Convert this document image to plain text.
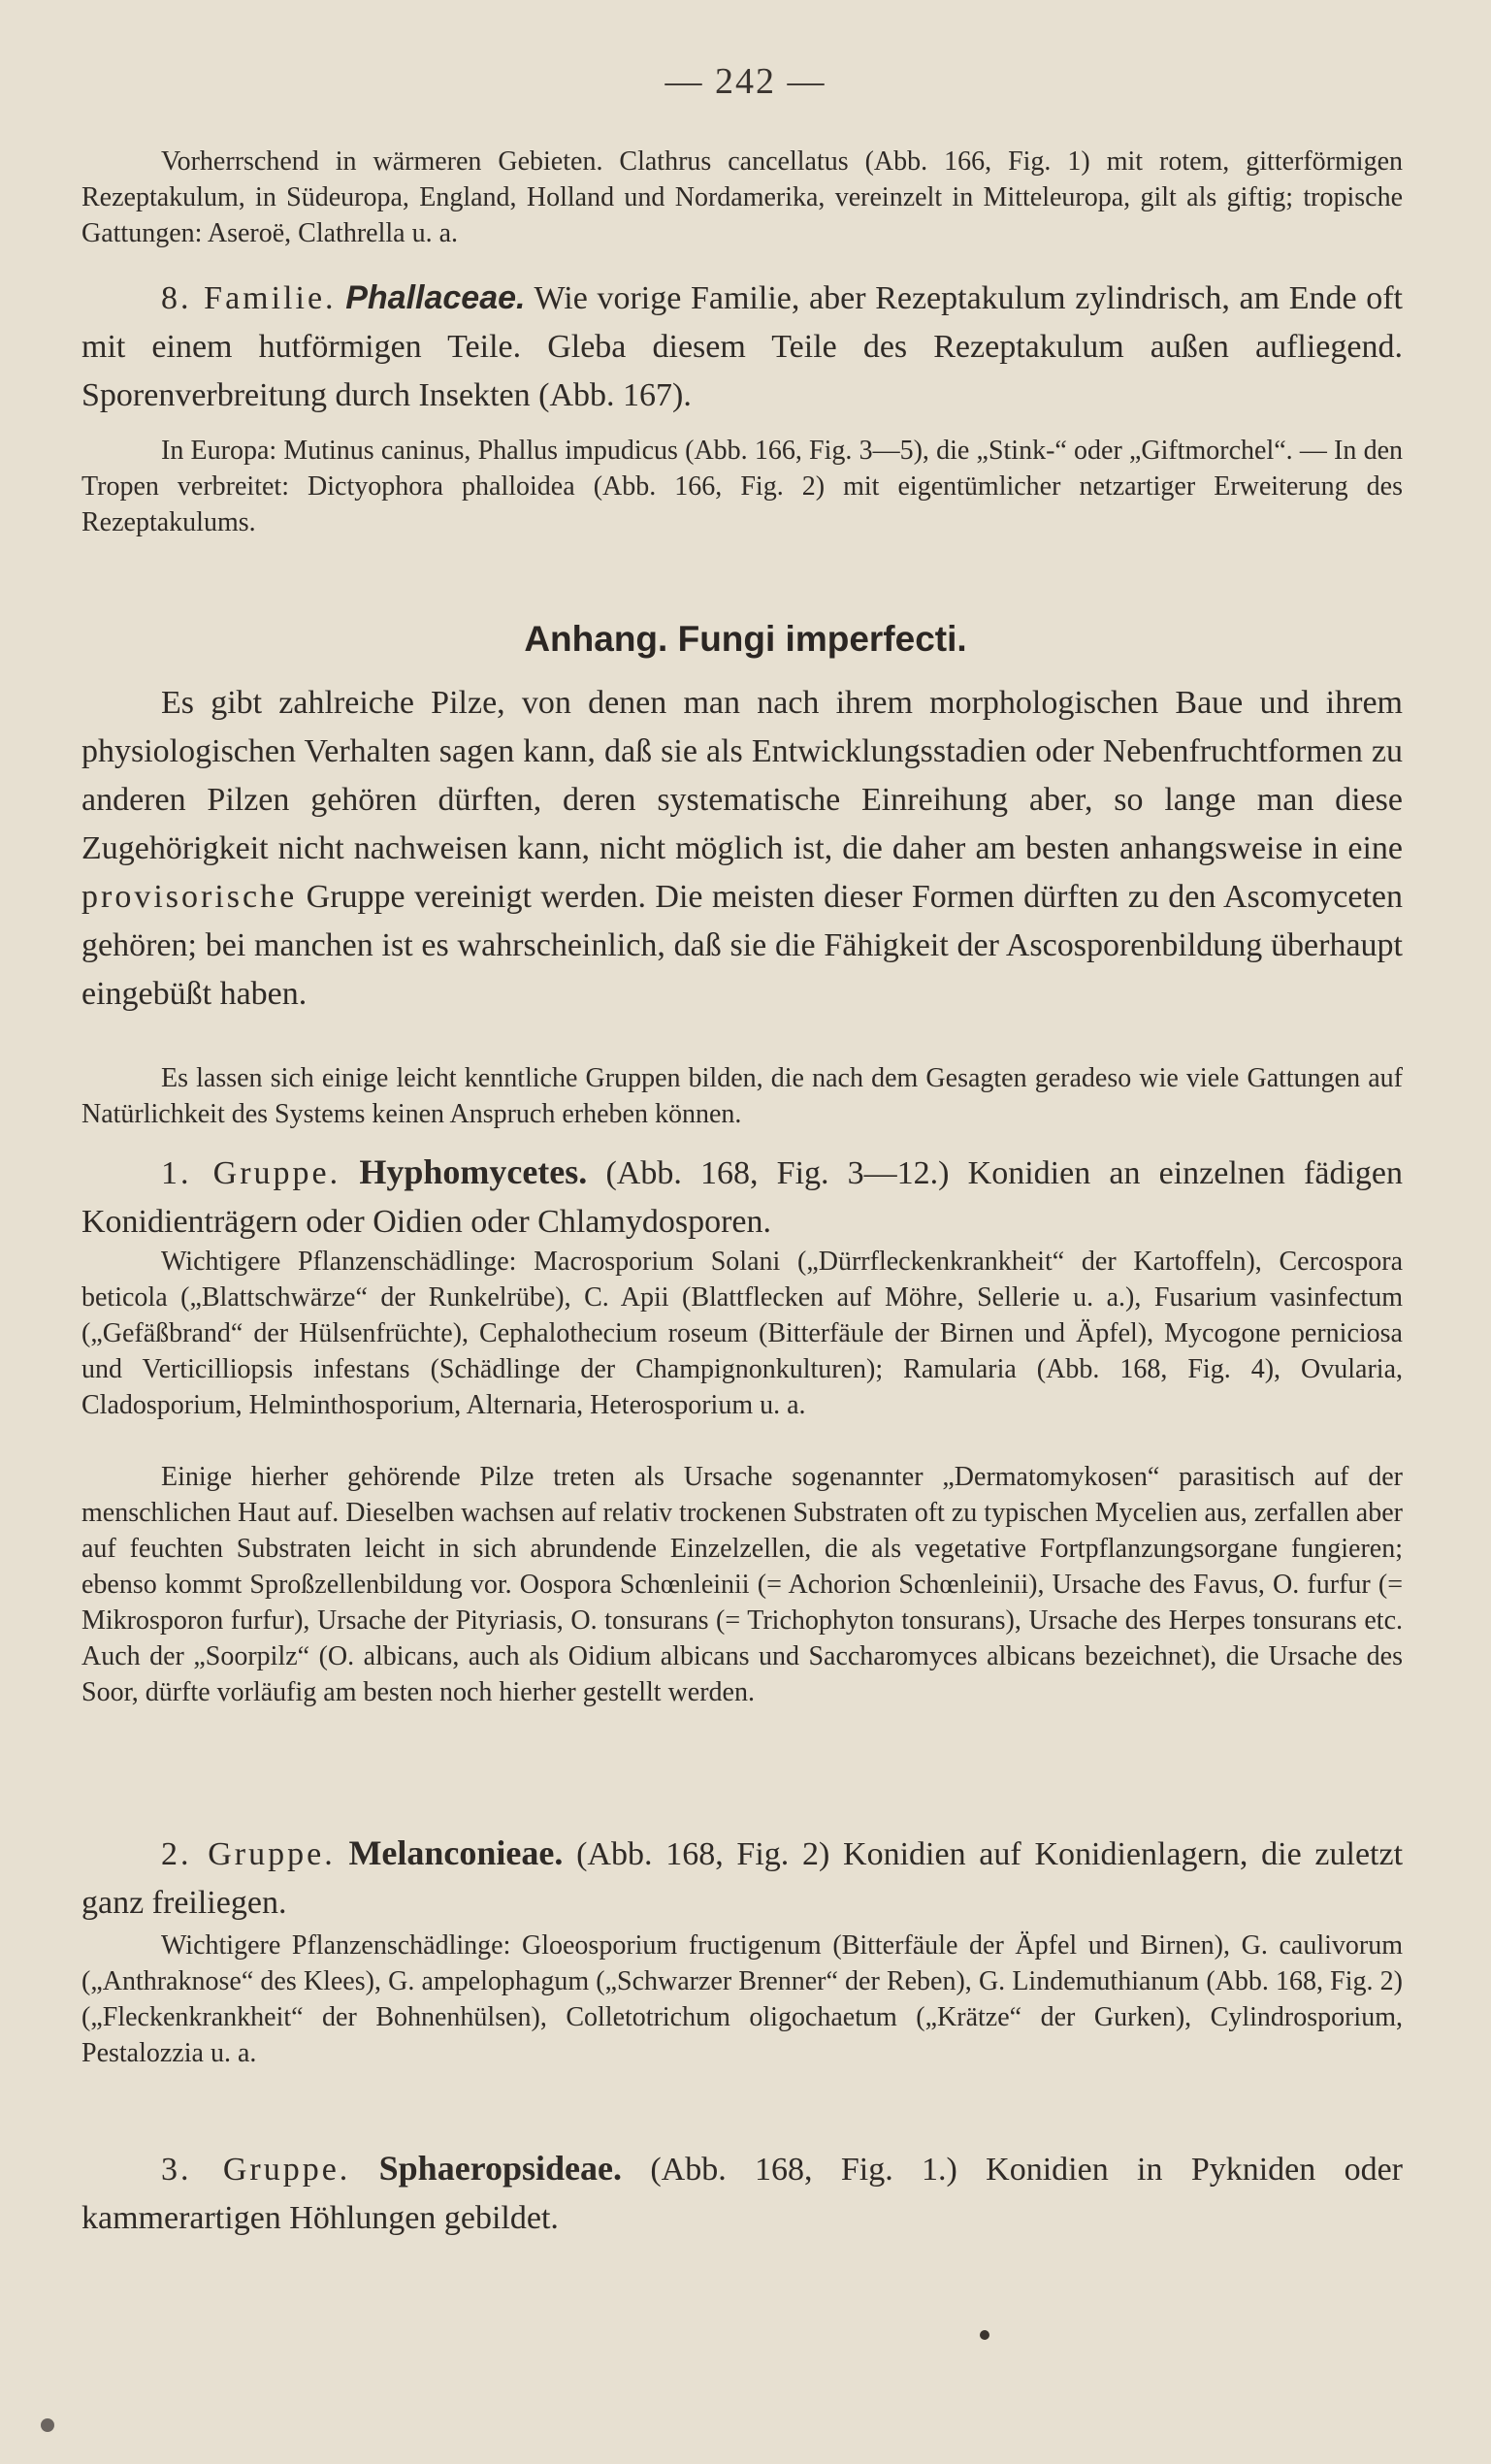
— 242 —

Vorherrschend in wärmeren Gebieten. Clathrus cancellatus (Abb. 166, Fig. 1) mit rotem, gitterförmigen Rezeptakulum, in Südeuropa, England, Holland und Nordamerika, vereinzelt in Mitteleuropa, gilt als giftig; tropische Gattungen: Aseroë, Clathrella u. a.

8. Familie. Phallaceae. Wie vorige Familie, aber Rezeptakulum zylindrisch, am Ende oft mit einem hutförmigen Teile. Gleba diesem Teile des Rezeptakulum außen aufliegend. Sporenverbreitung durch Insekten (Abb. 167).

In Europa: Mutinus caninus, Phallus impudicus (Abb. 166, Fig. 3—5), die „Stink-“ oder „Giftmorchel“. — In den Tropen verbreitet: Dictyophora phalloidea (Abb. 166, Fig. 2) mit eigentümlicher netzartiger Erweiterung des Rezeptakulums.

Anhang. Fungi imperfecti.

Es gibt zahlreiche Pilze, von denen man nach ihrem morphologischen Baue und ihrem physiologischen Verhalten sagen kann, daß sie als Entwicklungsstadien oder Nebenfruchtformen zu anderen Pilzen gehören dürften, deren systematische Einreihung aber, so lange man diese Zugehörigkeit nicht nachweisen kann, nicht möglich ist, die daher am besten anhangsweise in eine provisorische Gruppe vereinigt werden. Die meisten dieser Formen dürften zu den Ascomyceten gehören; bei manchen ist es wahrscheinlich, daß sie die Fähigkeit der Ascosporenbildung überhaupt eingebüßt haben.

Es lassen sich einige leicht kenntliche Gruppen bilden, die nach dem Gesagten geradeso wie viele Gattungen auf Natürlichkeit des Systems keinen Anspruch erheben können.

1. Gruppe. Hyphomycetes. (Abb. 168, Fig. 3—12.) Konidien an einzelnen fädigen Konidienträgern oder Oidien oder Chlamydosporen.

Wichtigere Pflanzenschädlinge: Macrosporium Solani („Dürrfleckenkrankheit“ der Kartoffeln), Cercospora beticola („Blattschwärze“ der Runkelrübe), C. Apii (Blattflecken auf Möhre, Sellerie u. a.), Fusarium vasinfectum („Gefäßbrand“ der Hülsenfrüchte), Cephalothecium roseum (Bitterfäule der Birnen und Äpfel), Mycogone perniciosa und Verticilliopsis infestans (Schädlinge der Champignonkulturen); Ramularia (Abb. 168, Fig. 4), Ovularia, Cladosporium, Helminthosporium, Alternaria, Heterosporium u. a.

Einige hierher gehörende Pilze treten als Ursache sogenannter „Dermatomykosen“ parasitisch auf der menschlichen Haut auf. Dieselben wachsen auf relativ trockenen Substraten oft zu typischen Mycelien aus, zerfallen aber auf feuchten Substraten leicht in sich abrundende Einzelzellen, die als vegetative Fortpflanzungsorgane fungieren; ebenso kommt Sproßzellenbildung vor. Oospora Schœnleinii (= Achorion Schœnleinii), Ursache des Favus, O. furfur (= Mikrosporon furfur), Ursache der Pityriasis, O. tonsurans (= Trichophyton tonsurans), Ursache des Herpes tonsurans etc. Auch der „Soorpilz“ (O. albicans, auch als Oidium albicans und Saccharomyces albicans bezeichnet), die Ursache des Soor, dürfte vorläufig am besten noch hierher gestellt werden.

2. Gruppe. Melanconieae. (Abb. 168, Fig. 2) Konidien auf Konidienlagern, die zuletzt ganz freiliegen.

Wichtigere Pflanzenschädlinge: Gloeosporium fructigenum (Bitterfäule der Äpfel und Birnen), G. caulivorum („Anthraknose“ des Klees), G. ampelophagum („Schwarzer Brenner“ der Reben), G. Lindemuthianum (Abb. 168, Fig. 2) („Fleckenkrankheit“ der Bohnenhülsen), Colletotrichum oligochaetum („Krätze“ der Gurken), Cylindrosporium, Pestalozzia u. a.

3. Gruppe. Sphaeropsideae. (Abb. 168, Fig. 1.) Konidien in Pykniden oder kammerartigen Höhlungen gebildet.
